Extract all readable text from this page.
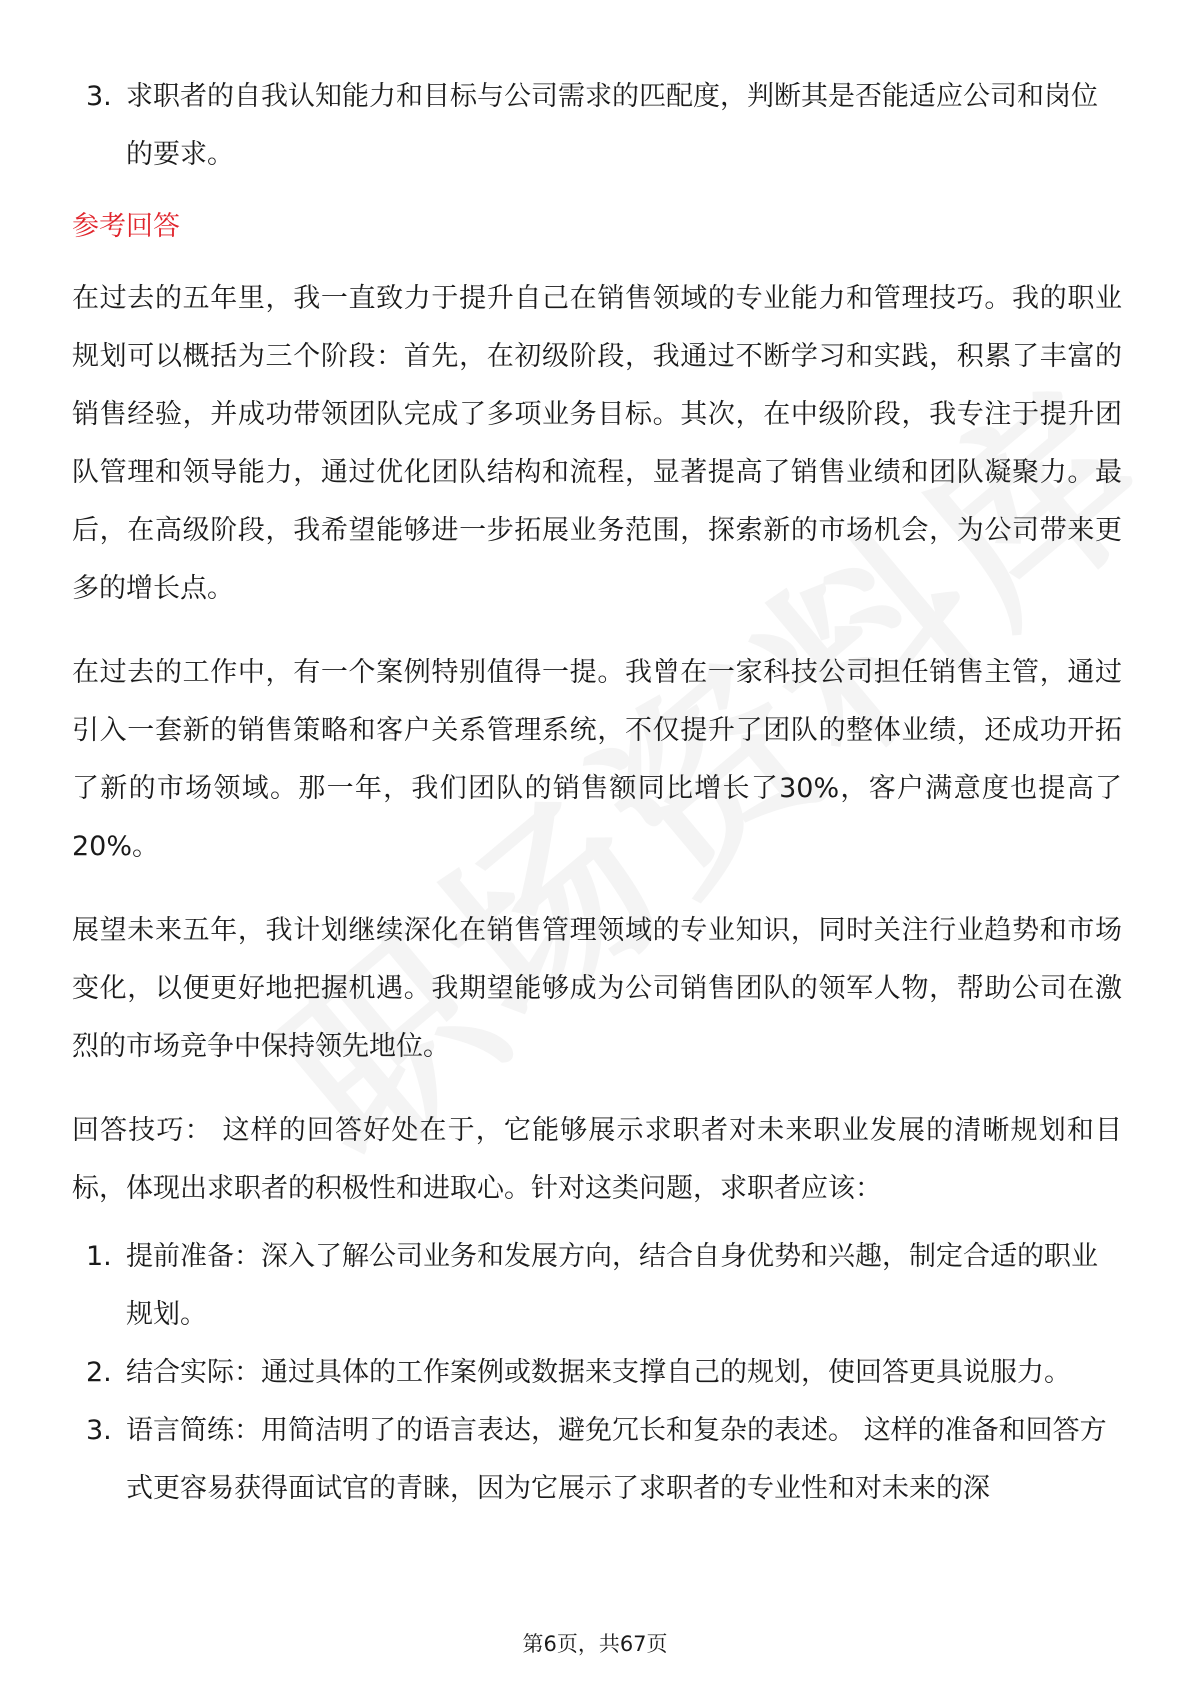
3. 求职者的自我认知能力和目标与公司需求的匹配度，判断其是否能适应公司和岗位的要求。
参考回答

在过去的五年里，我一直致力于提升自己在销售领域的专业能力和管理技巧。我的职业规划可以概括为三个阶段：首先，在初级阶段，我通过不断学习和实践，积累了丰富的销售经验，并成功带领团队完成了多项业务目标。其次，在中级阶段，我专注于提升团队管理和领导能力，通过优化团队结构和流程，显著提高了销售业绩和团队凝聚力。最后，在高级阶段，我希望能够进一步拓展业务范围，探索新的市场机会，为公司带来更多的增长点。

在过去的工作中，有一个案例特别值得一提。我曾在一家科技公司担任销售主管，通过引入一套新的销售策略和客户关系管理系统，不仅提升了团队的整体业绩，还成功开拓了新的市场领域。那一年，我们团队的销售额同比增长了30%，客户满意度也提高了20%。

展望未来五年，我计划继续深化在销售管理领域的专业知识，同时关注行业趋势和市场变化，以便更好地把握机遇。我期望能够成为公司销售团队的领军人物，帮助公司在激烈的市场竞争中保持领先地位。

回答技巧： 这样的回答好处在于，它能够展示求职者对未来职业发展的清晰规划和目标，体现出求职者的积极性和进取心。针对这类问题，求职者应该：

1. 提前准备：深入了解公司业务和发展方向，结合自身优势和兴趣，制定合适的职业规划。
2. 结合实际：通过具体的工作案例或数据来支撑自己的规划，使回答更具说服力。
3. 语言简练：用简洁明了的语言表达，避免冗长和复杂的表述。 这样的准备和回答方式更容易获得面试官的青睐，因为它展示了求职者的专业性和对未来的深
第6页，共67页
